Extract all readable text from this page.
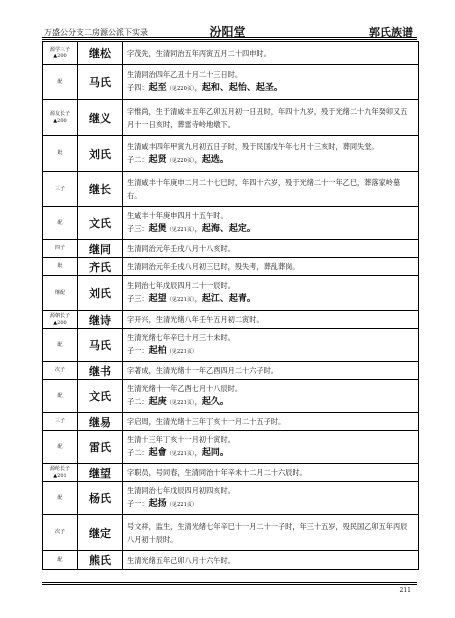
万盛公分支二房源公派下实录	汾阳堂	郭氏族谱
源学三子
▲200	继松	字茂先，生清同治五年丙寅五月二十四申时。
配	马氏
生清同治四年乙丑十月二十三日时。
子四：起至（见220页），起和、起怡、起圣。
源友长子
▲200	继义
字惟尚，生于清咸丰五年乙卯五月初一日丑时，年四十九岁，殁于光绪二十九年癸卯又五月十一日亥时，葬雷寺岭地墩下。
妣	刘氏
生清咸丰四年甲寅九月初五日子时，殁于民国戊午年七月十三亥时，葬同失堂。
子二：起贤（见220页），起选。
三子	继长
生清咸丰十年庚申二月二十七巳时，年四十六岁，殁于光绪二十一年乙巳，葬落家岭墓右。
配	文氏
生咸丰十年庚申四月十五午时。
子三：起煲（见221页），起海、起定。
四子	继同	生清同治元年壬戌八月十八亥时。
妣	齐氏	生清同治元年壬戌八月初三巳时，殁失考，葬乱葬岗。
继配	刘氏
生同治七年戊辰四月二十一辰时。
子三：起望（见221页），起江、起青。
源朝长子
▲200	继诗	字开兴，生清光绪八年壬午五月初二寅时。
配	马氏
生清光绪七年辛巳十月三十未时。
子一：起柏（见221页）
次子	继书	字著成，生清光绪十一年乙酉四月二十六子时。
配	文氏
生清光绪十一年乙酉七月十八辰时。
子二：起庚（见221页），起久。
三子	继易	字启周，生清光绪十三年丁亥十一月二十五子时。
配	雷氏
生清十三年丁亥十一月初十寅时。
子二：起會（见221页），起同。
源纶长子
▲201	继望	字职员，号同春，生清同治十年辛未十二月二十六辰时。
配	杨氏
生清同治七年戊辰四月初四亥时。
子一：起扬（见221页）
次子	继定
号文祥，监生，生清光绪七年辛巳十一月二十一子时，年三十五岁，殁民国乙卯五年丙辰八月初十辰时。
配	熊氏	生清光绪五年己卯八月十六午时。
211
